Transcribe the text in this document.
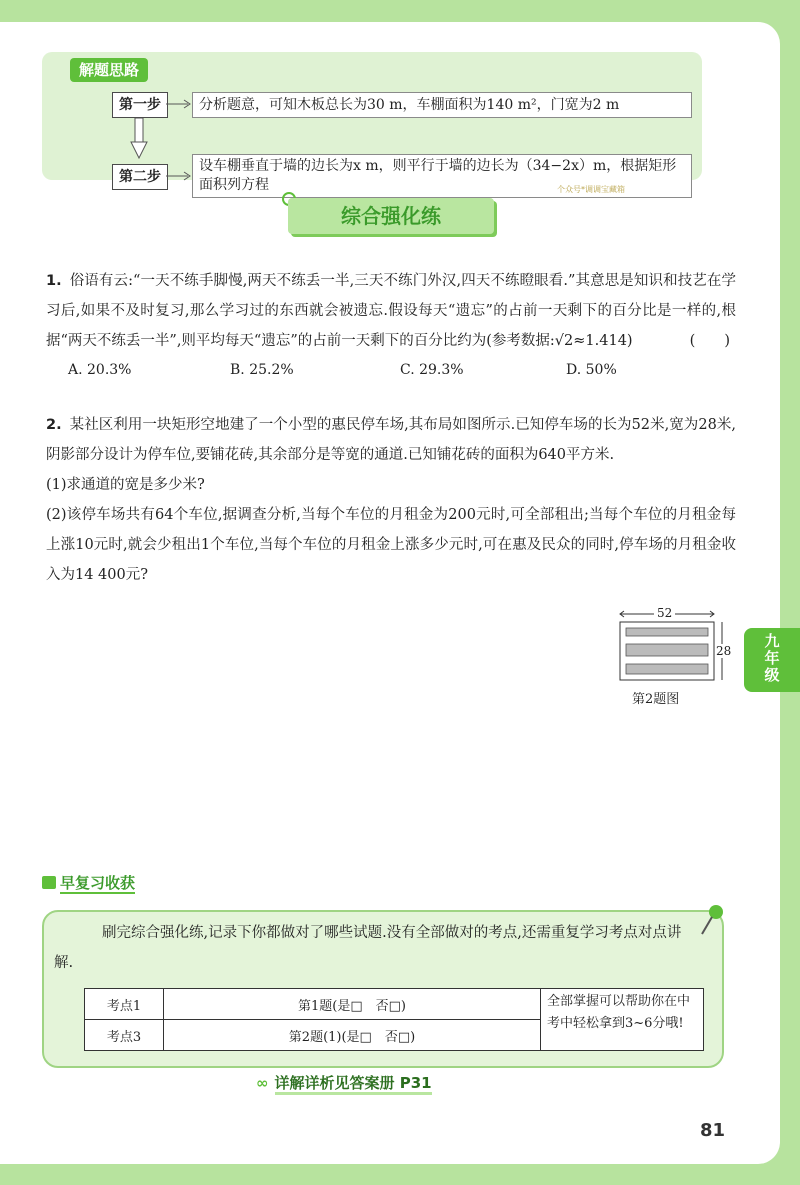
解题思路
第一步	分析题意，可知木板总长为30 m，车棚面积为140 m²，门宽为2 m
第二步
设车棚垂直于墙的边长为x m，则平行于墙的边长为（34−2x）m，根据矩形
面积列方程	个众号*调调宝藏箱
综合强化练
1. 俗语有云:“一天不练手脚慢,两天不练丢一半,三天不练门外汉,四天不练瞪眼看.”其意思是知识和技艺在学习后,如果不及时复习,那么学习过的东西就会被遗忘.假设每天“遗忘”的占前一天剩下的百分比是一样的,根据“两天不练丢一半”,则平均每天“遗忘”的占前一天剩下的百分比约为(参考数据:√2≈1.414)	(　　)
A. 20.3%	B. 25.2%	C. 29.3%	D. 50%
2. 某社区利用一块矩形空地建了一个小型的惠民停车场,其布局如图所示.已知停车场的长为52米,宽为28米,阴影部分设计为停车位,要铺花砖,其余部分是等宽的通道.已知铺花砖的面积为640平方米.
(1)求通道的宽是多少米?
(2)该停车场共有64个车位,据调查分析,当每个车位的月租金为200元时,可全部租出;当每个车位的月租金每上涨10元时,就会少租出1个车位,当每个车位的月租金上涨多少元时,可在惠及民众的同时,停车场的月租金收入为14 400元?
52
28
第2题图
九
年
级
早复习收获
刷完综合强化练,记录下你都做对了哪些试题.没有全部做对的考点,还需重复学习考点对点讲解.
考点1	第1题(是□　否□)	全部掌握可以帮助你在中考中轻松拿到3~6分哦!
考点3	第2题(1)(是□　否□)	
∞ 详解详析见答案册 P31
81
